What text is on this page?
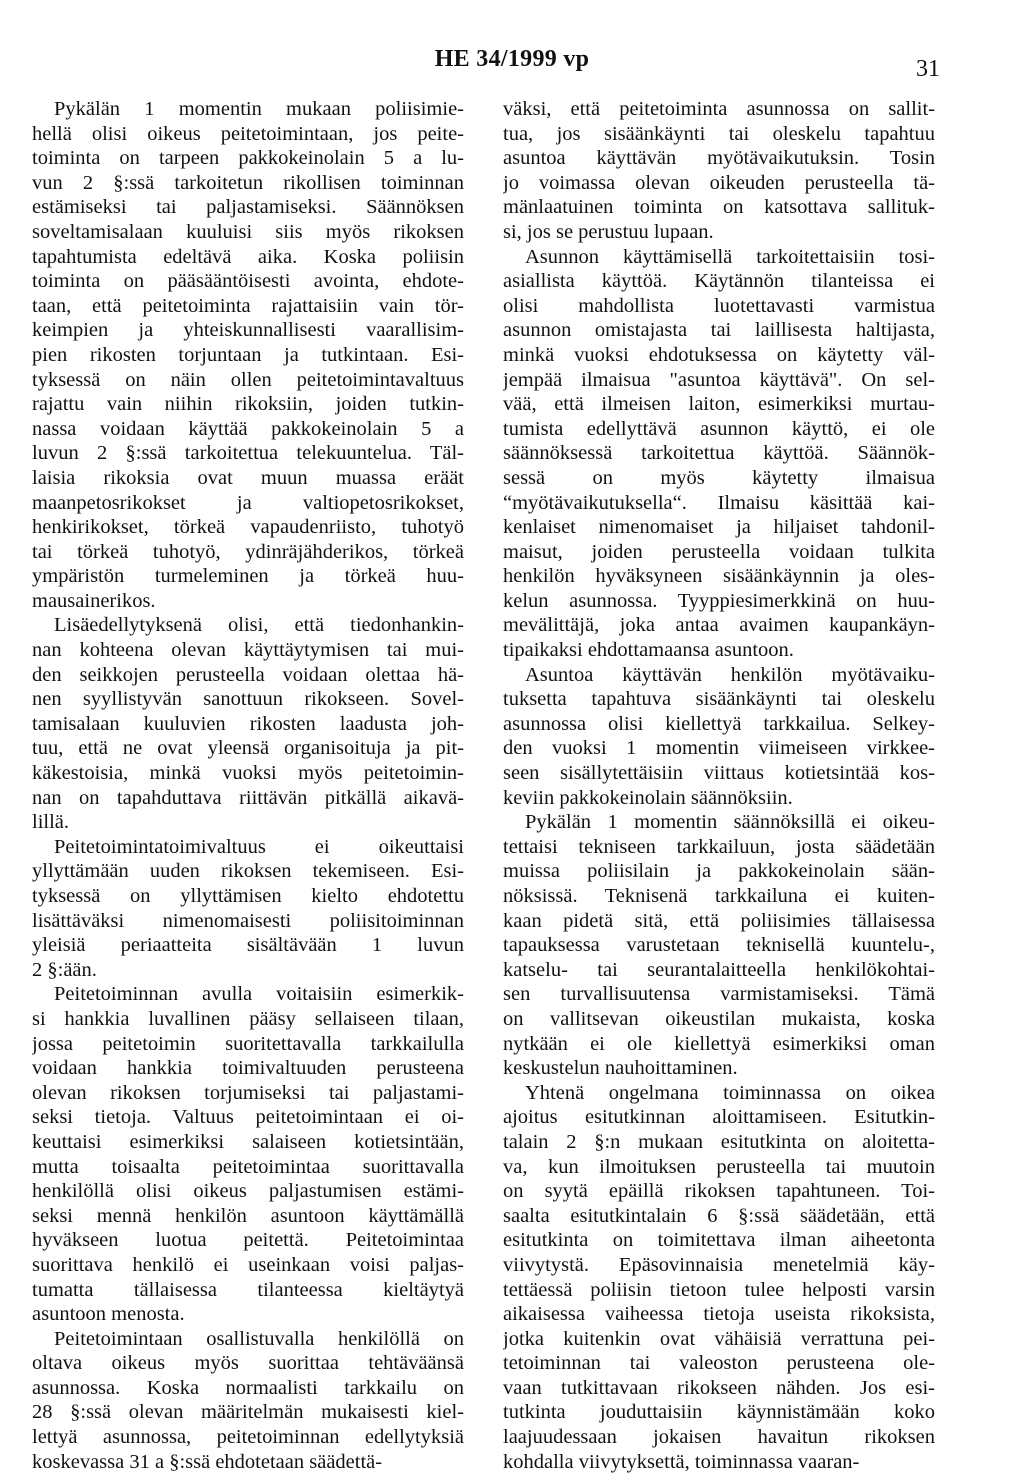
HE 34/1999 vp	31
Pykälän 1 momentin mukaan poliisimie-
hellä olisi oikeus peitetoimintaan, jos peite-
toiminta on tarpeen pakkokeinolain 5 a lu-
vun 2 §:ssä tarkoitetun rikollisen toiminnan
estämiseksi tai paljastamiseksi. Säännöksen
soveltamisalaan kuuluisi siis myös rikoksen
tapahtumista edeltävä aika. Koska poliisin
toiminta on pääsääntöisesti avointa, ehdote-
taan, että peitetoiminta rajattaisiin vain tör-
keimpien ja yhteiskunnallisesti vaarallisim-
pien rikosten torjuntaan ja tutkintaan. Esi-
tyksessä on näin ollen peitetoimintavaltuus
rajattu vain niihin rikoksiin, joiden tutkin-
nassa voidaan käyttää pakkokeinolain 5 a
luvun 2 §:ssä tarkoitettua telekuuntelua. Täl-
laisia rikoksia ovat muun muassa eräät
maanpetosrikokset ja valtiopetosrikokset,
henkirikokset, törkeä vapaudenriisto, tuhotyö
tai törkeä tuhotyö, ydinräjähderikos, törkeä
ympäristön turmeleminen ja törkeä huu-
mausainerikos.
Lisäedellytyksenä olisi, että tiedonhankin-
nan kohteena olevan käyttäytymisen tai mui-
den seikkojen perusteella voidaan olettaa hä-
nen syyllistyvän sanottuun rikokseen. Sovel-
tamisalaan kuuluvien rikosten laadusta joh-
tuu, että ne ovat yleensä organisoituja ja pit-
käkestoisia, minkä vuoksi myös peitetoimin-
nan on tapahduttava riittävän pitkällä aikavä-
lillä.
Peitetoimintatoimivaltuus ei oikeuttaisi
yllyttämään uuden rikoksen tekemiseen. Esi-
tyksessä on yllyttämisen kielto ehdotettu
lisättäväksi nimenomaisesti poliisitoiminnan
yleisiä periaatteita sisältävään 1 luvun
2 §:ään.
Peitetoiminnan avulla voitaisiin esimerkik-
si hankkia luvallinen pääsy sellaiseen tilaan,
jossa peitetoimin suoritettavalla tarkkailulla
voidaan hankkia toimivaltuuden perusteena
olevan rikoksen torjumiseksi tai paljastami-
seksi tietoja. Valtuus peitetoimintaan ei oi-
keuttaisi esimerkiksi salaiseen kotietsintään,
mutta toisaalta peitetoimintaa suorittavalla
henkilöllä olisi oikeus paljastumisen estämi-
seksi mennä henkilön asuntoon käyttämällä
hyväkseen luotua peitettä. Peitetoimintaa
suorittava henkilö ei useinkaan voisi paljas-
tumatta tällaisessa tilanteessa kieltäytyä
asuntoon menosta.
Peitetoimintaan osallistuvalla henkilöllä on
oltava oikeus myös suorittaa tehtäväänsä
asunnossa. Koska normaalisti tarkkailu on
28 §:ssä olevan määritelmän mukaisesti kiel-
lettyä asunnossa, peitetoiminnan edellytyksiä
koskevassa 31 a §:ssä ehdotetaan säädettä-
väksi, että peitetoiminta asunnossa on sallit-
tua, jos sisäänkäynti tai oleskelu tapahtuu
asuntoa käyttävän myötävaikutuksin. Tosin
jo voimassa olevan oikeuden perusteella tä-
mänlaatuinen toiminta on katsottava sallituk-
si, jos se perustuu lupaan.
Asunnon käyttämisellä tarkoitettaisiin tosi-
asiallista käyttöä. Käytännön tilanteissa ei
olisi mahdollista luotettavasti varmistua
asunnon omistajasta tai laillisesta haltijasta,
minkä vuoksi ehdotuksessa on käytetty väl-
jempää ilmaisua "asuntoa käyttävä". On sel-
vää, että ilmeisen laiton, esimerkiksi murtau-
tumista edellyttävä asunnon käyttö, ei ole
säännöksessä tarkoitettua käyttöä. Säännök-
sessä on myös käytetty ilmaisua
“myötävaikutuksella“. Ilmaisu käsittää kai-
kenlaiset nimenomaiset ja hiljaiset tahdonil-
maisut, joiden perusteella voidaan tulkita
henkilön hyväksyneen sisäänkäynnin ja oles-
kelun asunnossa. Tyyppiesimerkkinä on huu-
mevälittäjä, joka antaa avaimen kaupankäyn-
tipaikaksi ehdottamaansa asuntoon.
Asuntoa käyttävän henkilön myötävaiku-
tuksetta tapahtuva sisäänkäynti tai oleskelu
asunnossa olisi kiellettyä tarkkailua. Selkey-
den vuoksi 1 momentin viimeiseen virkkee-
seen sisällytettäisiin viittaus kotietsintää kos-
keviin pakkokeinolain säännöksiin.
Pykälän 1 momentin säännöksillä ei oikeu-
tettaisi tekniseen tarkkailuun, josta säädetään
muissa poliisilain ja pakkokeinolain sään-
nöksissä. Teknisenä tarkkailuna ei kuiten-
kaan pidetä sitä, että poliisimies tällaisessa
tapauksessa varustetaan teknisellä kuuntelu-,
katselu- tai seurantalaitteella henkilökohtai-
sen turvallisuutensa varmistamiseksi. Tämä
on vallitsevan oikeustilan mukaista, koska
nytkään ei ole kiellettyä esimerkiksi oman
keskustelun nauhoittaminen.
Yhtenä ongelmana toiminnassa on oikea
ajoitus esitutkinnan aloittamiseen. Esitutkin-
talain 2 §:n mukaan esitutkinta on aloitetta-
va, kun ilmoituksen perusteella tai muutoin
on syytä epäillä rikoksen tapahtuneen. Toi-
saalta esitutkintalain 6 §:ssä säädetään, että
esitutkinta on toimitettava ilman aiheetonta
viivytystä. Epäsovinnaisia menetelmiä käy-
tettäessä poliisin tietoon tulee helposti varsin
aikaisessa vaiheessa tietoja useista rikoksista,
jotka kuitenkin ovat vähäisiä verrattuna pei-
tetoiminnan tai valeoston perusteena ole-
vaan tutkittavaan rikokseen nähden. Jos esi-
tutkinta jouduttaisiin käynnistämään koko
laajuudessaan jokaisen havaitun rikoksen
kohdalla viivytyksettä, toiminnassa vaaran-
